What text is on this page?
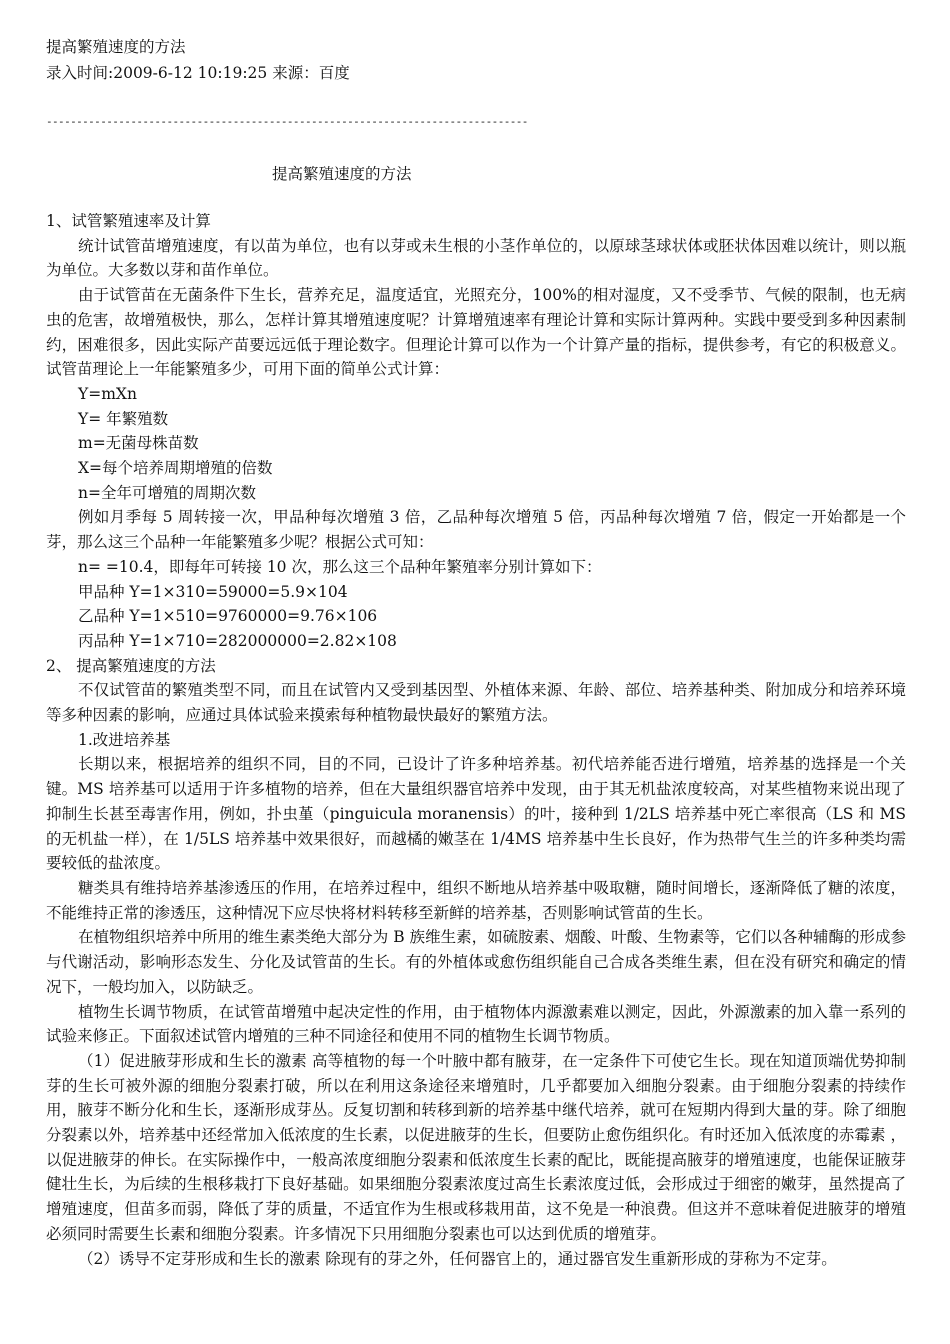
提高繁殖速度的方法
录入时间:2009-6-12 10:19:25 来源：百度
--------------------------------------------------------------------------------
提高繁殖速度的方法

1、试管繁殖速率及计算

统计试管苗增殖速度，有以苗为单位，也有以芽或未生根的小茎作单位的，以原球茎球状体或胚状体因难以统计，则以瓶为单位。大多数以芽和苗作单位。

由于试管苗在无菌条件下生长，营养充足，温度适宜，光照充分，100%的相对湿度，又不受季节、气候的限制，也无病虫的危害，故增殖极快，那么，怎样计算其增殖速度呢？计算增殖速率有理论计算和实际计算两种。实践中要受到多种因素制约，困难很多，因此实际产苗要远远低于理论数字。但理论计算可以作为一个计算产量的指标，提供参考，有它的积极意义。试管苗理论上一年能繁殖多少，可用下面的简单公式计算：

Y=mXn

Y= 年繁殖数

m=无菌母株苗数

X=每个培养周期增殖的倍数

n=全年可增殖的周期次数

例如月季每 5 周转接一次，甲品种每次增殖 3 倍，乙品种每次增殖 5 倍，丙品种每次增殖 7 倍，假定一开始都是一个芽，那么这三个品种一年能繁殖多少呢？根据公式可知：

n= =10.4，即每年可转接 10 次，那么这三个品种年繁殖率分别计算如下：

甲品种 Y=1×310=59000=5.9×104

乙品种 Y=1×510=9760000=9.76×106

丙品种 Y=1×710=282000000=2.82×108

2、 提高繁殖速度的方法

不仅试管苗的繁殖类型不同，而且在试管内又受到基因型、外植体来源、年龄、部位、培养基种类、附加成分和培养环境等多种因素的影响，应通过具体试验来摸索每种植物最快最好的繁殖方法。

1.改进培养基

长期以来，根据培养的组织不同，目的不同，已设计了许多种培养基。初代培养能否进行增殖，培养基的选择是一个关键。MS 培养基可以适用于许多植物的培养，但在大量组织器官培养中发现，由于其无机盐浓度较高，对某些植物来说出现了抑制生长甚至毒害作用，例如，扑虫堇（pinguicula moranensis）的叶，接种到 1/2LS 培养基中死亡率很高（LS 和 MS 的无机盐一样），在 1/5LS 培养基中效果很好，而越橘的嫩茎在 1/4MS 培养基中生长良好，作为热带气生兰的许多种类均需要较低的盐浓度。

糖类具有维持培养基渗透压的作用，在培养过程中，组织不断地从培养基中吸取糖，随时间增长，逐渐降低了糖的浓度，不能维持正常的渗透压，这种情况下应尽快将材料转移至新鲜的培养基，否则影响试管苗的生长。

在植物组织培养中所用的维生素类绝大部分为 B 族维生素，如硫胺素、烟酸、叶酸、生物素等，它们以各种辅酶的形成参与代谢活动，影响形态发生、分化及试管苗的生长。有的外植体或愈伤组织能自己合成各类维生素，但在没有研究和确定的情况下，一般均加入，以防缺乏。

植物生长调节物质，在试管苗增殖中起决定性的作用，由于植物体内源激素难以测定，因此，外源激素的加入靠一系列的试验来修正。下面叙述试管内增殖的三种不同途径和使用不同的植物生长调节物质。

（1）促进腋芽形成和生长的激素 高等植物的每一个叶腋中都有腋芽，在一定条件下可使它生长。现在知道顶端优势抑制芽的生长可被外源的细胞分裂素打破，所以在利用这条途径来增殖时，几乎都要加入细胞分裂素。由于细胞分裂素的持续作用，腋芽不断分化和生长，逐渐形成芽丛。反复切割和转移到新的培养基中继代培养，就可在短期内得到大量的芽。除了细胞分裂素以外，培养基中还经常加入低浓度的生长素，以促进腋芽的生长，但要防止愈伤组织化。有时还加入低浓度的赤霉素 ，以促进腋芽的伸长。在实际操作中，一般高浓度细胞分裂素和低浓度生长素的配比，既能提高腋芽的增殖速度，也能保证腋芽健壮生长，为后续的生根移栽打下良好基础。如果细胞分裂素浓度过高生长素浓度过低，会形成过于细密的嫩芽，虽然提高了增殖速度，但苗多而弱，降低了芽的质量，不适宜作为生根或移栽用苗，这不免是一种浪费。但这并不意味着促进腋芽的增殖必须同时需要生长素和细胞分裂素。许多情况下只用细胞分裂素也可以达到优质的增殖芽。

（2）诱导不定芽形成和生长的激素 除现有的芽之外，任何器官上的，通过器官发生重新形成的芽称为不定芽。
